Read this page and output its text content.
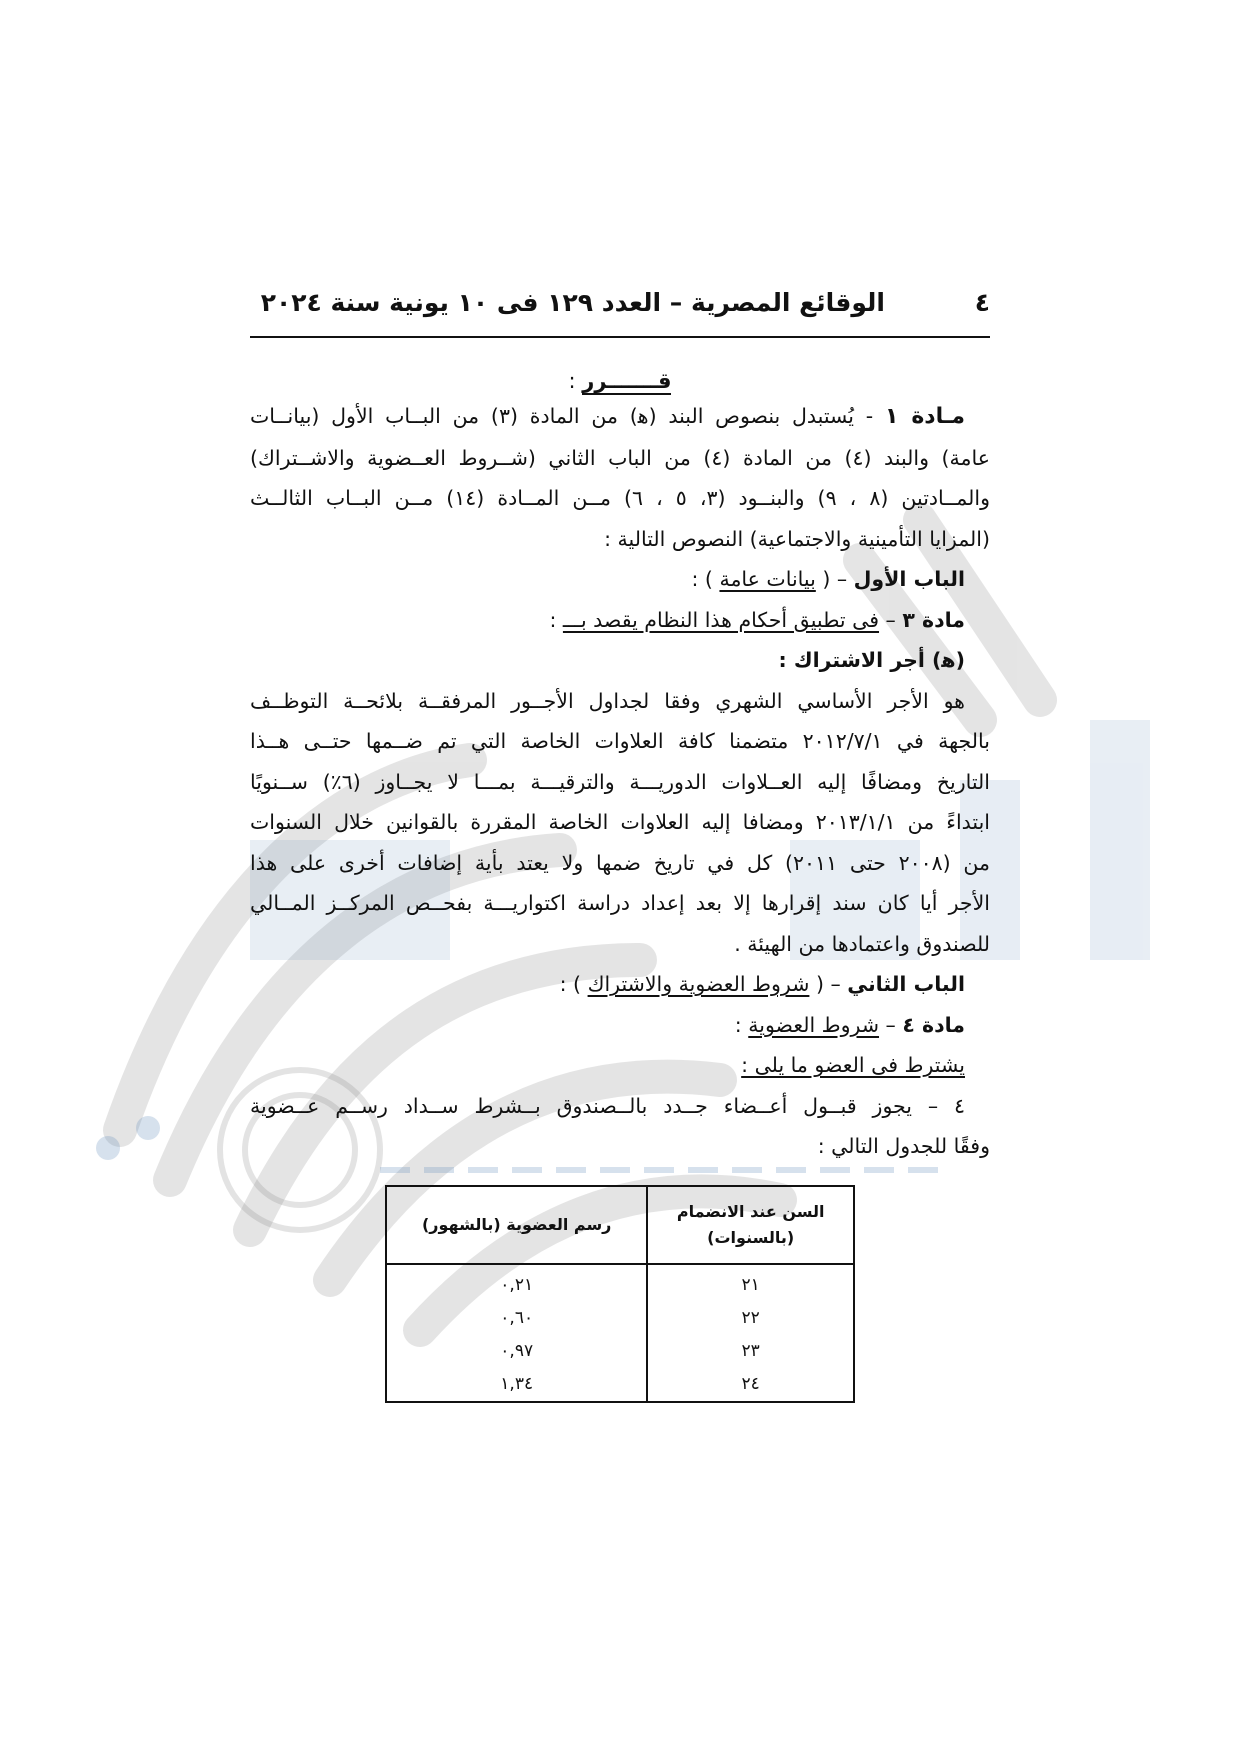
٤
الوقائع المصرية – العدد ١٢٩ فى ١٠ يونية سنة ٢٠٢٤
قـــــــرر :

مـادة ١ - يُستبدل بنصوص البند (ﻫ) من المادة (٣) من البــاب الأول (بيانــات

عامة) والبند (٤) من المادة (٤) من الباب الثاني (شــروط العــضوية والاشــتراك)

والمــادتين (٨ ، ٩) والبنــود (٣، ٥ ، ٦) مــن المــادة (١٤) مــن البــاب الثالــث

(المزايا التأمينية والاجتماعية) النصوص التالية :

الباب الأول – ( بيانات عامة ) :

مادة ٣ – فى تطبيق أحكام هذا النظام يقصد بـــ :

(ﻫ) أجر الاشتراك :

هو الأجر الأساسي الشهري وفقا لجداول الأجــور المرفقــة بلائحــة التوظــف

بالجهة في ٢٠١٢/٧/١ متضمنا كافة العلاوات الخاصة التي تم ضــمها حتــى هــذا

التاريخ ومضافًا إليه العــلاوات الدوريـــة والترقيـــة بمـــا لا يجــاوز (٦٪) ســنويًا

ابتداءً من ٢٠١٣/١/١ ومضافا إليه العلاوات الخاصة المقررة بالقوانين خلال السنوات

من (٢٠٠٨ حتى ٢٠١١) كل في تاريخ ضمها ولا يعتد بأية إضافات أخرى على هذا

الأجر أيا كان سند إقرارها إلا بعد إعداد دراسة اكتواريـــة بفحــص المركــز المــالي

للصندوق واعتمادها من الهيئة .

الباب الثاني – ( شروط العضوية والاشتراك ) :

مادة ٤ – شروط العضوية :

يشترط فى العضو ما يلى :

٤ – يجوز قبــول أعــضاء جــدد بالــصندوق بــشرط ســداد رســم عــضوية

وفقًا للجدول التالي :

السن عند الانضمام
(بالسنوات)	رسم العضوية (بالشهور)
٢١	٠,٢١
٢٢	٠,٦٠
٢٣	٠,٩٧
٢٤	١,٣٤
